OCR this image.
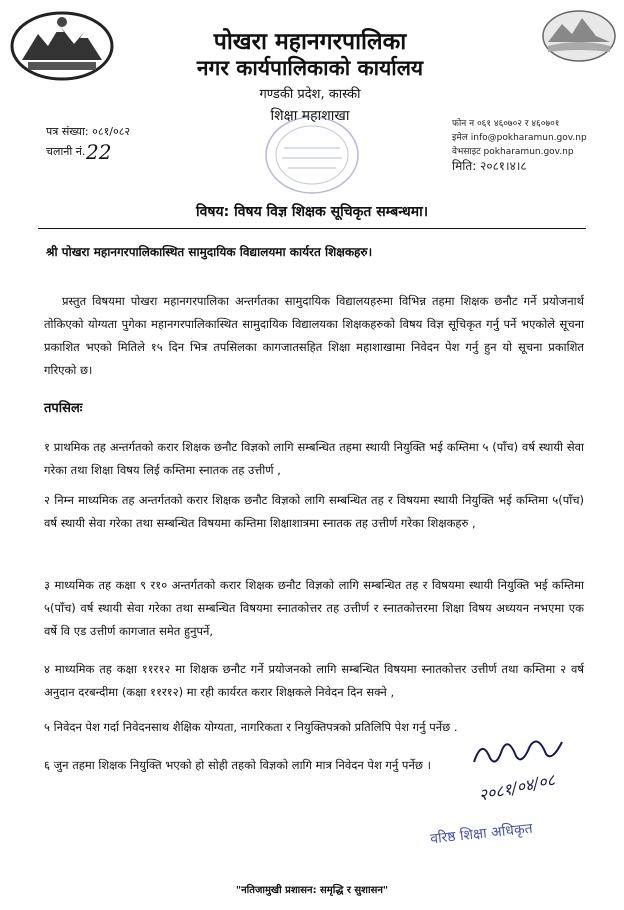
पोखरा महानगरपालिका
नगर कार्यपालिकाको कार्यालय
गण्डकी प्रदेश, कास्की
शिक्षा महाशाखा
पत्र संख्या: ०८१/०८२
चलानी नं. 22
फोन न ०६१ ४६०७०२ र ४६०७०१
इमेल info@pokharamun.gov.np
वेभसाइट pokharamun.gov.np
मिति: २०८१।४।८
विषय: विषय विज्ञ शिक्षक सूचिकृत सम्बन्धमा।
श्री पोखरा महानगरपालिकास्थित सामुदायिक विद्यालयमा कार्यरत शिक्षकहरु।
प्रस्तुत विषयमा पोखरा महानगरपालिका अन्तर्गतका सामुदायिक विद्यालयहरुमा विभिन्न तहमा शिक्षक छनौट गर्ने प्रयोजनार्थ तोकिएको योग्यता पुगेका महानगरपालिकास्थित सामुदायिक विद्यालयका शिक्षकहरुको विषय विज्ञ सूचिकृत गर्नु पर्ने भएकोले सूचना प्रकाशित भएको मितिले १५ दिन भित्र तपसिलका कागजातसहित शिक्षा महाशाखामा निवेदन पेश गर्नु हुन यो सूचना प्रकाशित गरिएको छ।
तपसिलः
१ प्राथमिक तह अन्तर्गतको करार शिक्षक छनौट विज्ञको लागि सम्बन्धित तहमा स्थायी नियुक्ति भई कम्तिमा ५ (पाँच) वर्ष स्थायी सेवा गरेका तथा शिक्षा विषय लिई कम्तिमा स्नातक तह उत्तीर्ण ,
२ निम्न माध्यमिक तह अन्तर्गतको करार शिक्षक छनौट विज्ञको लागि सम्बन्धित तह र विषयमा स्थायी नियुक्ति भई कम्तिमा ५(पाँच) वर्ष स्थायी सेवा गरेका तथा सम्बन्धित विषयमा कम्तिमा शिक्षाशात्रमा स्नातक तह उत्तीर्ण गरेका शिक्षकहरु ,
३ माध्यमिक तह कक्षा ९ र१० अन्तर्गतको करार शिक्षक छनौट विज्ञको लागि सम्बन्धित तह र विषयमा स्थायी नियुक्ति भई कम्तिमा ५(पाँच) वर्ष स्थायी सेवा गरेका तथा सम्बन्धित विषयमा स्नातकोत्तर तह उत्तीर्ण र स्नातकोत्तरमा शिक्षा विषय अध्ययन नभएमा एक वर्षे वि एड उत्तीर्ण कागजात समेत हुनुपर्ने,
४ माध्यमिक तह कक्षा ११र१२ मा शिक्षक छनौट गर्ने प्रयोजनको लागि सम्बन्धित विषयमा स्नातकोत्तर उत्तीर्ण तथा कम्तिमा २ वर्ष अनुदान दरबन्दीमा (कक्षा ११र१२) मा रही कार्यरत करार शिक्षकले निवेदन दिन सक्ने ,
५ निवेदन पेश गर्दा निवेदनसाथ शैक्षिक योग्यता, नागरिकता र नियुक्तिपत्रको प्रतिलिपि पेश गर्नु पर्नेछ .
६ जुन तहमा शिक्षक नियुक्ति भएको हो सोही तहको विज्ञको लागि मात्र निवेदन पेश गर्नु पर्नेछ ।
२०८१/०४/०८
वरिष्ठ शिक्षा अधिकृत
"नतिजामुखी प्रशासन: समृद्धि र सुशासन"
